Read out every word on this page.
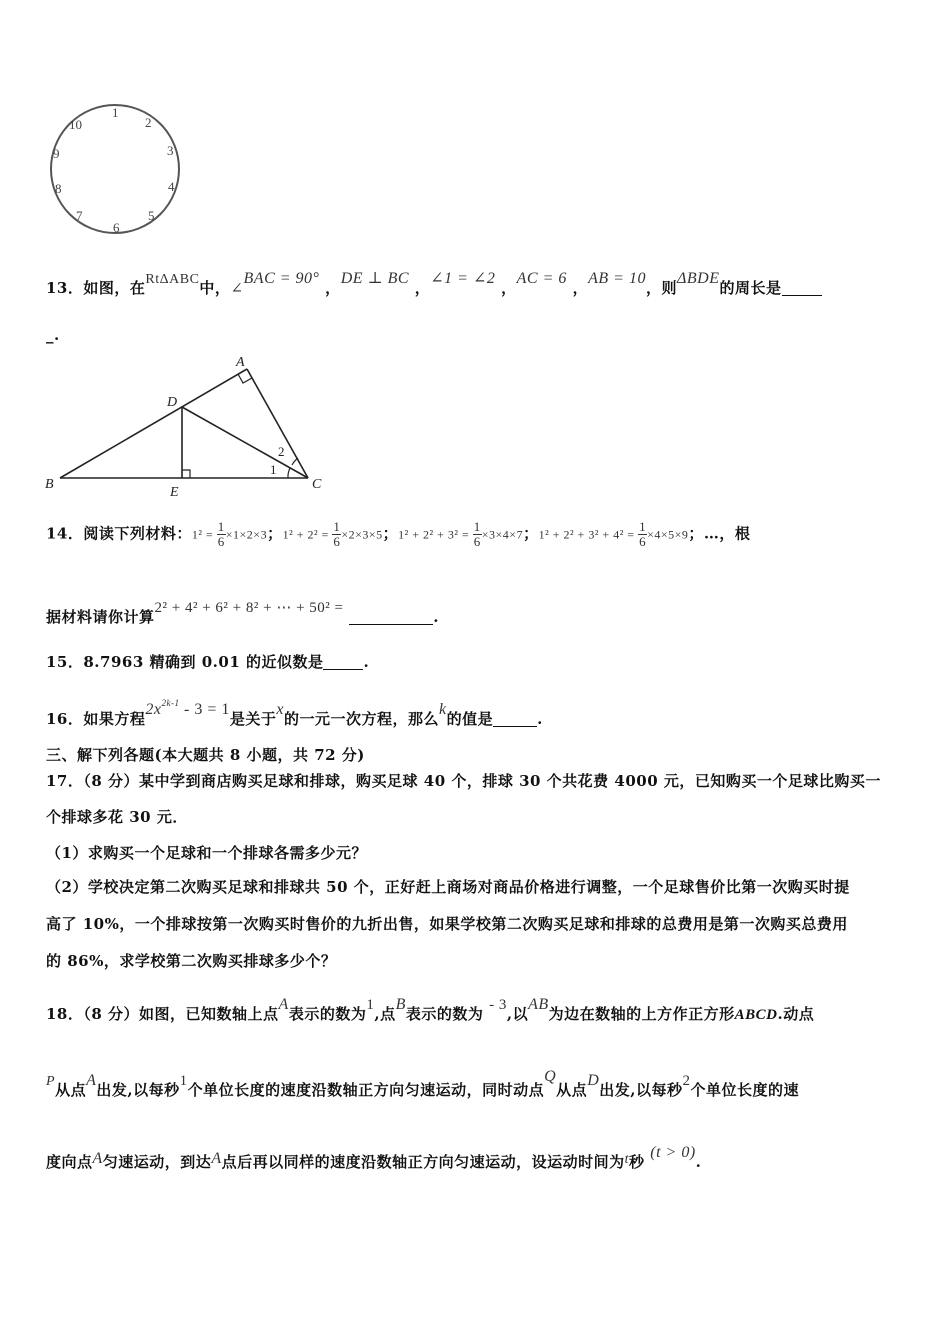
1
2
3
4
5
6
7
8
9
10
13．如图，在RtΔABC中，∠BAC = 90° ，DE ⊥ BC ，∠1 = ∠2 ，AC = 6 ，AB = 10，则ΔBDE的周长是
_.
A
B	C
D
E
1
2
14．阅读下列材料：$1^2 = \frac{1}{6} \times 1\times 2\times 3$；$1^2 + 2^2 = \frac{1}{6} \times 2\times 3\times 5$；$1^2 + 2^2 + 3^2 = \frac{1}{6} \times 3\times 4\times 7$；$1^2 + 2^2 + 3^2 + 4^2 = \frac{1}{6} \times 4\times 5\times 9$；…，根
据材料请你计算2² + 4² + 6² + 8² + ⋯ + 50² =	.
15．8.7963 精确到 0.01 的近似数是	.
16．如果方程$2x^{2k-1} - 3 = 1$是关于x的一元一次方程，那么k的值是	.
三、解下列各题(本大题共 8 小题，共 72 分)
17．（8 分）某中学到商店购买足球和排球，购买足球 40 个，排球 30 个共花费 4000 元，已知购买一个足球比购买一
个排球多花 30 元．
（1）求购买一个足球和一个排球各需多少元？
（2）学校决定第二次购买足球和排球共 50 个，正好赶上商场对商品价格进行调整，一个足球售价比第一次购买时提
高了 10%，一个排球按第一次购买时售价的九折出售，如果学校第二次购买足球和排球的总费用是第一次购买总费用
的 86%，求学校第二次购买排球多少个？
18．（8 分）如图，已知数轴上点A表示的数为1,点B表示的数为 - 3,以AB为边在数轴的上方作正方形ABCD.动点
P从点A出发,以每秒1个单位长度的速度沿数轴正方向匀速运动，同时动点Q从点D出发,以每秒2个单位长度的速
度向点A匀速运动，到达A点后再以同样的速度沿数轴正方向匀速运动，设运动时间为t秒 (t > 0).
